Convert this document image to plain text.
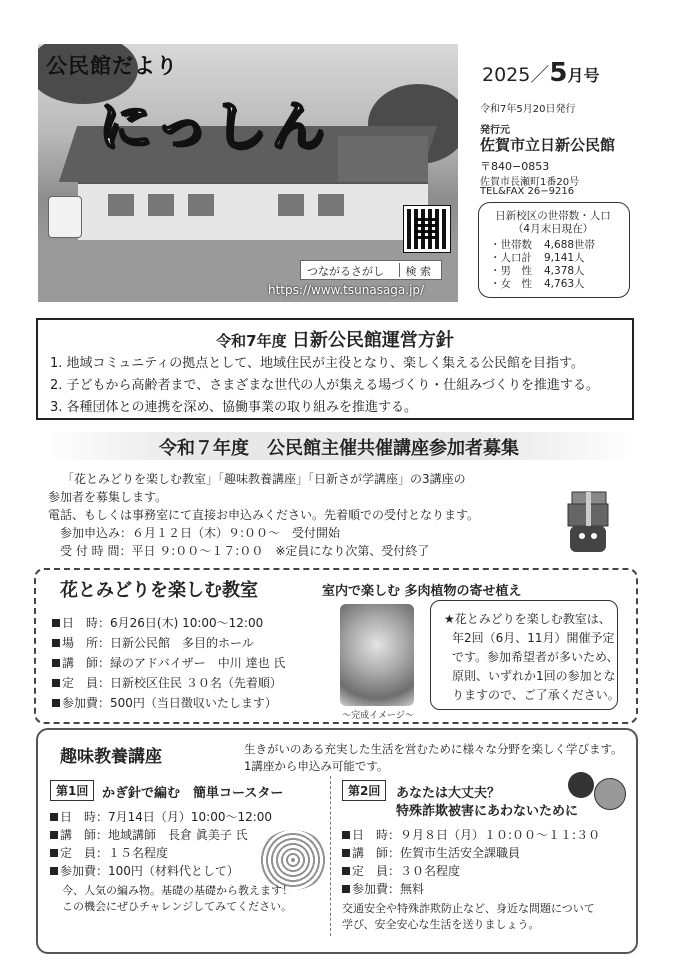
公民館だより
にっしん
つながるさがし	検 索
https://www.tsunasaga.jp/
2025／5月号
令和7年5月20日発行
発行元
佐賀市立日新公民館
〒840−0853
佐賀市長瀬町1番20号
TEL&FAX 26−9216
日新校区の世帯数・人口
（4月末日現在）
・世帯数 4,688世帯
・人口計 9,141人
・男　性 4,378人
・女　性 4,763人
令和7年度 日新公民館運営方針
1. 地域コミュニティの拠点として、地域住民が主役となり、楽しく集える公民館を目指す。
2. 子どもから高齢者まで、さまざまな世代の人が集える場づくり・仕組みづくりを推進する。
3. 各種団体との連携を深め、協働事業の取り組みを推進する。
令和７年度　公民館主催共催講座参加者募集
「花とみどりを楽しむ教室」「趣味教養講座」「日新さが学講座」の3講座の
参加者を募集します。
電話、もしくは事務室にて直接お申込みください。先着順での受付となります。
参加申込み：６月１２日（木）９:００～　受付開始
受 付 時 間：平日 ９:００～１７:００　※定員になり次第、受付終了
花とみどりを楽しむ教室	室内で楽しむ 多肉植物の寄せ植え
日　時：6月26日(木) 10:00～12:00
場　所：日新公民館　多目的ホール
講　師：緑のアドバイザー　中川 達也 氏
定　員：日新校区住民 ３０名（先着順）
参加費：500円（当日徴収いたします）
～完成イメージ～
★花とみどりを楽しむ教室は、
年2回（6月、11月）開催予定
です。参加希望者が多いため、
原則、いずれか1回の参加とな
りますので、ご了承ください。
趣味教養講座	生きがいのある充実した生活を営むために様々な分野を楽しく学びます。
1講座から申込み可能です。
第1回	かぎ針で編む　簡単コースター
日　時：7月14日（月）10:00～12:00
講　師：地域講師　長倉 眞美子 氏
定　員：１５名程度
参加費：100円（材料代として）
今、人気の編み物。基礎の基礎から教えます！
この機会にぜひチャレンジしてみてください。
第2回	あなたは大丈夫？
特殊詐欺被害にあわないために
日　時：９月８日（月）１０:００～１１:３０
講　師：佐賀市生活安全課職員
定　員：３０名程度
参加費：無料
交通安全や特殊詐欺防止など、身近な問題について
学び、安全安心な生活を送りましょう。
